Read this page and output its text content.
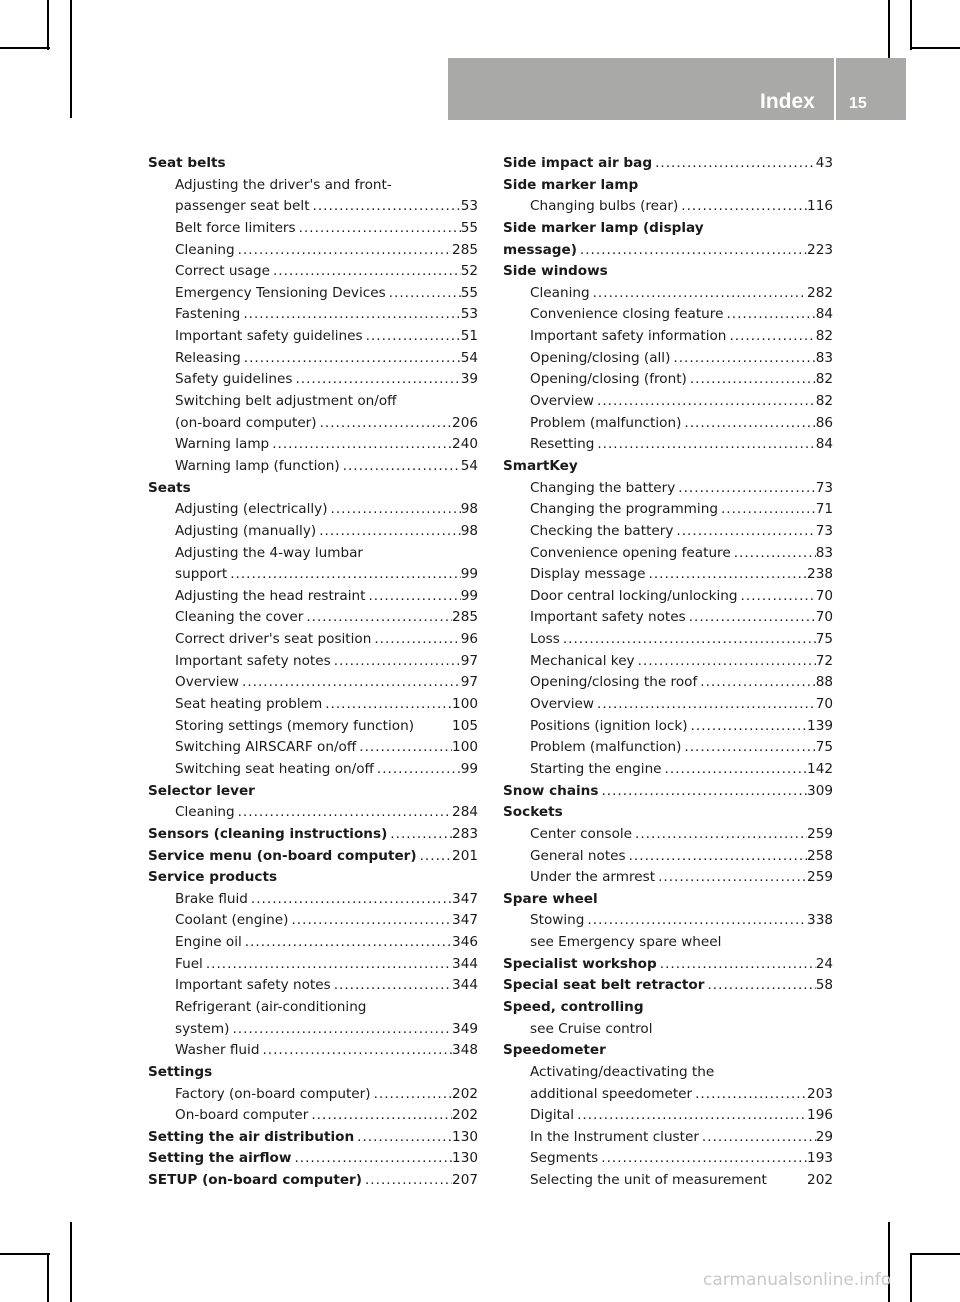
Index 15
Seat belts
Adjusting the driver's and front-
passenger seat belt .....	53
Belt force limiters .....	55
Cleaning .....	285
Correct usage .....	52
Emergency Tensioning Devices .....	55
Fastening .....	53
Important safety guidelines .....	51
Releasing .....	54
Safety guidelines .....	39
Switching belt adjustment on/off
(on-board computer) .....	206
Warning lamp .....	240
Warning lamp (function) .....	54
Seats
Adjusting (electrically) .....	98
Adjusting (manually) .....	98
Adjusting the 4-way lumbar
support .....	99
Adjusting the head restraint .....	99
Cleaning the cover .....	285
Correct driver's seat position .....	96
Important safety notes .....	97
Overview .....	97
Seat heating problem .....	100
Storing settings (memory function)	105
Switching AIRSCARF on/off .....	100
Switching seat heating on/off .....	99
Selector lever
Cleaning .....	284
Sensors (cleaning instructions) .....	283
Service menu (on-board computer) .....	201
Service products
Brake fluid .....	347
Coolant (engine) .....	347
Engine oil .....	346
Fuel .....	344
Important safety notes .....	344
Refrigerant (air-conditioning
system) .....	349
Washer fluid .....	348
Settings
Factory (on-board computer) .....	202
On-board computer .....	202
Setting the air distribution .....	130
Setting the airflow .....	130
SETUP (on-board computer) .....	207
Side impact air bag .....	43
Side marker lamp
Changing bulbs (rear) .....	116
Side marker lamp (display
message) .....	223
Side windows
Cleaning .....	282
Convenience closing feature .....	84
Important safety information .....	82
Opening/closing (all) .....	83
Opening/closing (front) .....	82
Overview .....	82
Problem (malfunction) .....	86
Resetting .....	84
SmartKey
Changing the battery .....	73
Changing the programming .....	71
Checking the battery .....	73
Convenience opening feature .....	83
Display message .....	238
Door central locking/unlocking .....	70
Important safety notes .....	70
Loss .....	75
Mechanical key .....	72
Opening/closing the roof .....	88
Overview .....	70
Positions (ignition lock) .....	139
Problem (malfunction) .....	75
Starting the engine .....	142
Snow chains .....	309
Sockets
Center console .....	259
General notes .....	258
Under the armrest .....	259
Spare wheel
Stowing .....	338
see Emergency spare wheel
Specialist workshop .....	24
Special seat belt retractor .....	58
Speed, controlling
see Cruise control
Speedometer
Activating/deactivating the
additional speedometer .....	203
Digital .....	196
In the Instrument cluster .....	29
Segments .....	193
Selecting the unit of measurement	202
carmanualsonline.info
